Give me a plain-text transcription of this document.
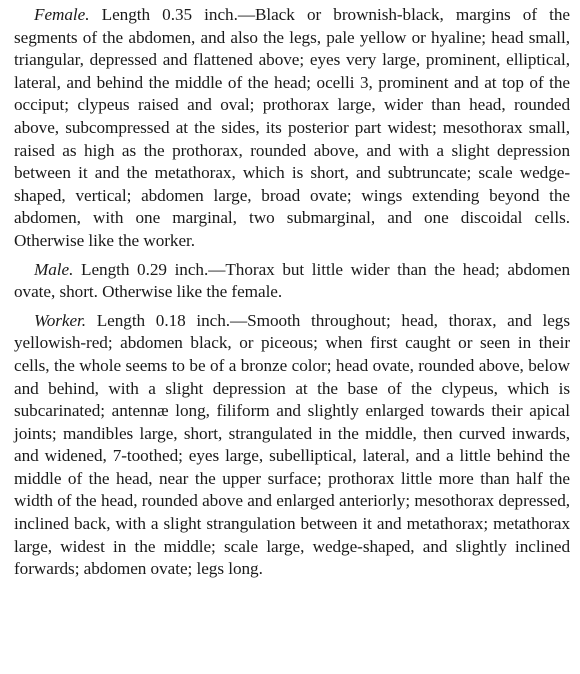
Female. Length 0.35 inch.—Black or brownish-black, margins of the segments of the abdomen, and also the legs, pale yellow or hyaline; head small, triangular, depressed and flattened above; eyes very large, prominent, elliptical, lateral, and behind the middle of the head; ocelli 3, prominent and at top of the occiput; clypeus raised and oval; prothorax large, wider than head, rounded above, subcompressed at the sides, its posterior part widest; mesothorax small, raised as high as the prothorax, rounded above, and with a slight depression between it and the metathorax, which is short, and subtruncate; scale wedge-shaped, vertical; abdomen large, broad ovate; wings extending beyond the abdomen, with one marginal, two submarginal, and one discoidal cells. Otherwise like the worker.

Male. Length 0.29 inch.—Thorax but little wider than the head; abdomen ovate, short. Otherwise like the female.

Worker. Length 0.18 inch.—Smooth throughout; head, thorax, and legs yellowish-red; abdomen black, or piceous; when first caught or seen in their cells, the whole seems to be of a bronze color; head ovate, rounded above, below and behind, with a slight depression at the base of the clypeus, which is subcarinated; antennæ long, filiform and slightly enlarged towards their apical joints; mandibles large, short, strangulated in the middle, then curved inwards, and widened, 7-toothed; eyes large, subelliptical, lateral, and a little behind the middle of the head, near the upper surface; prothorax little more than half the width of the head, rounded above and enlarged anteriorly; mesothorax depressed, inclined back, with a slight strangulation between it and metathorax; metathorax large, widest in the middle; scale large, wedge-shaped, and slightly inclined forwards; abdomen ovate; legs long.
